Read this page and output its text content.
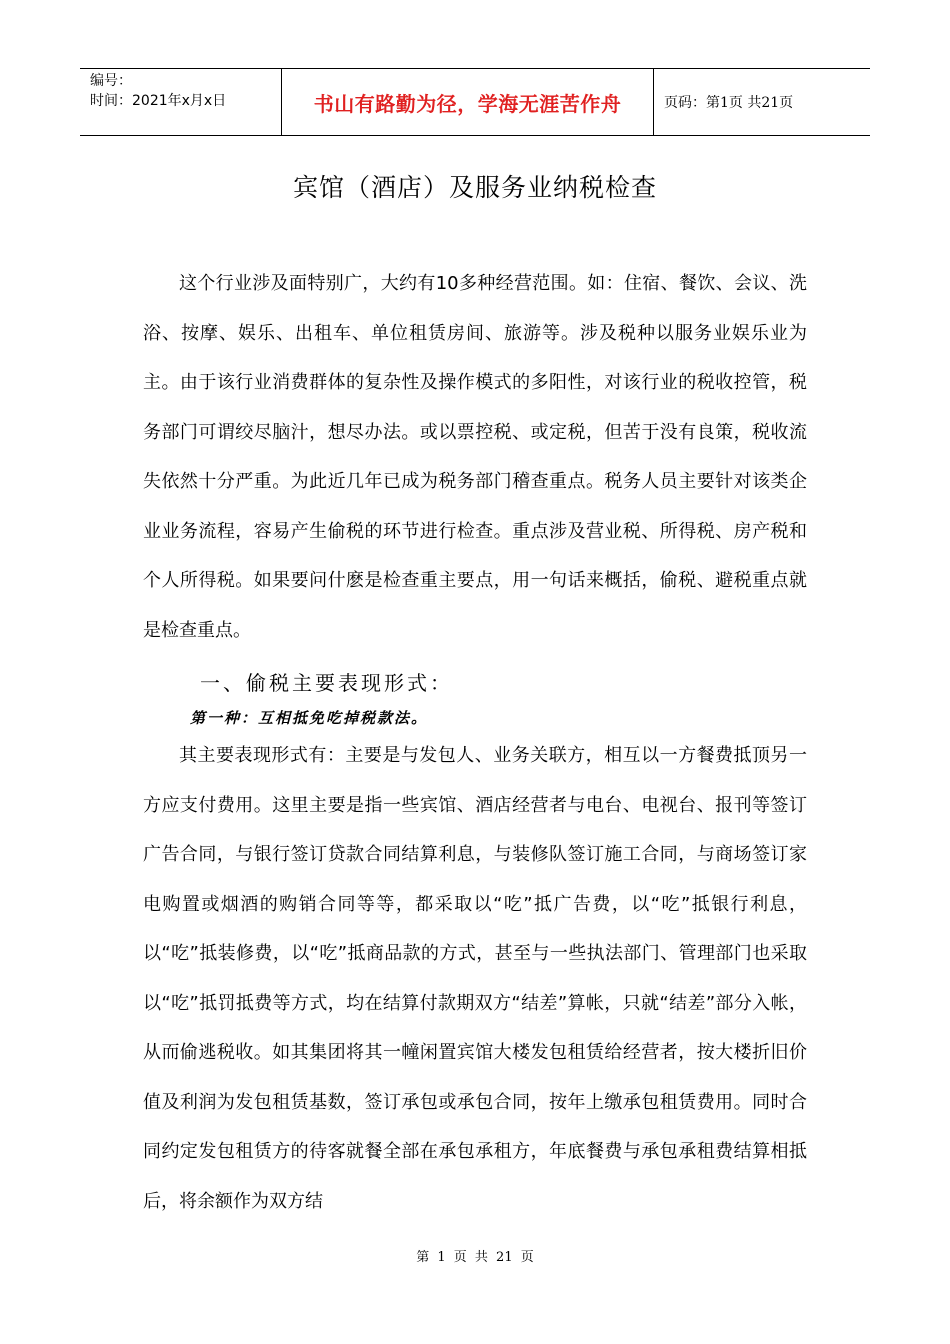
编号：
时间：2021年x月x日	书山有路勤为径，学海无涯苦作舟	页码：第1页 共21页
宾馆（酒店）及服务业纳税检查

这个行业涉及面特别广，大约有10多种经营范围。如：住宿、餐饮、会议、洗浴、按摩、娱乐、出租车、单位租赁房间、旅游等。涉及税种以服务业娱乐业为主。由于该行业消费群体的复杂性及操作模式的多阳性，对该行业的税收控管，税务部门可谓绞尽脑汁，想尽办法。或以票控税、或定税，但苦于没有良策，税收流失依然十分严重。为此近几年已成为税务部门稽查重点。税务人员主要针对该类企业业务流程，容易产生偷税的环节进行检查。重点涉及营业税、所得税、房产税和个人所得税。如果要问什麽是检查重主要点，用一句话来概括，偷税、避税重点就是检查重点。

一、偷税主要表现形式：
第一种：互相抵免吃掉税款法。

其主要表现形式有：主要是与发包人、业务关联方，相互以一方餐费抵顶另一方应支付费用。这里主要是指一些宾馆、酒店经营者与电台、电视台、报刊等签订广告合同，与银行签订贷款合同结算利息，与装修队签订施工合同，与商场签订家电购置或烟酒的购销合同等等，都采取以“吃”抵广告费，以“吃”抵银行利息，以“吃”抵装修费，以“吃”抵商品款的方式，甚至与一些执法部门、管理部门也采取以“吃”抵罚抵费等方式，均在结算付款期双方“结差”算帐，只就“结差”部分入帐，从而偷逃税收。如其集团将其一幢闲置宾馆大楼发包租赁给经营者，按大楼折旧价值及利润为发包租赁基数，签订承包或承包合同，按年上缴承包租赁费用。同时合同约定发包租赁方的待客就餐全部在承包承租方，年底餐费与承包承租费结算相抵后，将余额作为双方结

第 1 页 共 21 页
